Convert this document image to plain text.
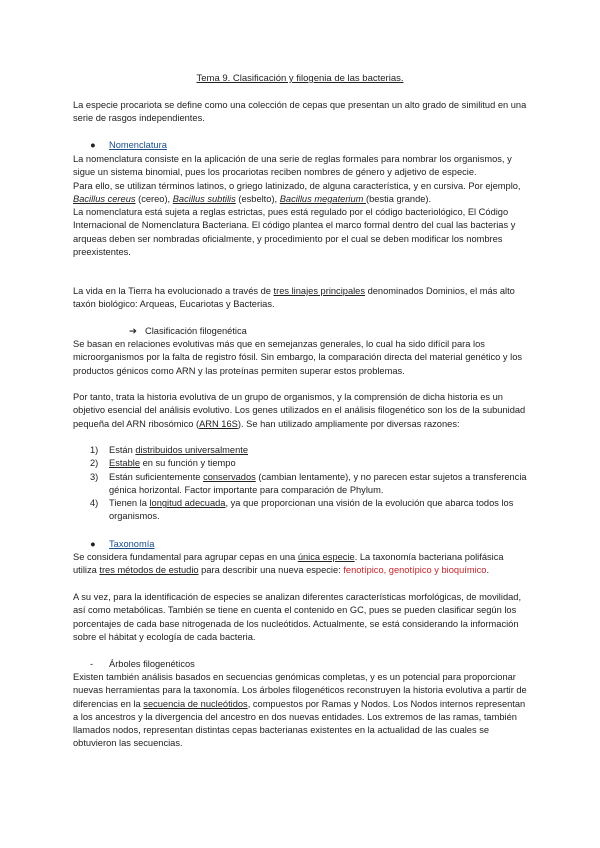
Tema 9. Clasificación y filogenia de las bacterias.

La especie procariota se define como una colección de cepas que presentan un alto grado de similitud en una serie de rasgos independientes.

● Nomenclatura

La nomenclatura consiste en la aplicación de una serie de reglas formales para nombrar los organismos, y sigue un sistema binomial, pues los procariotas reciben nombres de género y adjetivo de especie.

Para ello, se utilizan términos latinos, o griego latinizado, de alguna característica, y en cursiva. Por ejemplo, Bacillus cereus (cereo), Bacillus subtilis (esbelto), Bacillus megaterium (bestia grande).

La nomenclatura está sujeta a reglas estrictas, pues está regulado por el código bacteriológico, El Código Internacional de Nomenclatura Bacteriana. El código plantea el marco formal dentro del cual las bacterias y arqueas deben ser nombradas oficialmente, y procedimiento por el cual se deben modificar los nombres preexistentes.

La vida en la Tierra ha evolucionado a través de tres linajes principales denominados Dominios, el más alto taxón biológico: Arqueas, Eucariotas y Bacterias.

➔ Clasificación filogenética

Se basan en relaciones evolutivas más que en semejanzas generales, lo cual ha sido difícil para los microorganismos por la falta de registro fósil. Sin embargo, la comparación directa del material genético y los productos génicos como ARN y las proteínas permiten superar estos problemas.

Por tanto, trata la historia evolutiva de un grupo de organismos, y la comprensión de dicha historia es un objetivo esencial del análisis evolutivo. Los genes utilizados en el análisis filogenético son los de la subunidad pequeña del ARN ribosómico (ARN 16S). Se han utilizado ampliamente por diversas razones:

1) Están distribuidos universalmente
2) Estable en su función y tiempo
3) Están suficientemente conservados (cambian lentamente), y no parecen estar sujetos a transferencia génica horizontal. Factor importante para comparación de Phylum.
4) Tienen la longitud adecuada, ya que proporcionan una visión de la evolución que abarca todos los organismos.
● Taxonomía

Se considera fundamental para agrupar cepas en una única especie. La taxonomía bacteriana polifásica utiliza tres métodos de estudio para describir una nueva especie: fenotípico, genotípico y bioquímico.

A su vez, para la identificación de especies se analizan diferentes características morfológicas, de movilidad, así como metabólicas. También se tiene en cuenta el contenido en GC, pues se pueden clasificar según los porcentajes de cada base nitrogenada de los nucleótidos. Actualmente, se está considerando la información sobre el hábitat y ecología de cada bacteria.

- Árboles filogenéticos

Existen también análisis basados en secuencias genómicas completas, y es un potencial para proporcionar nuevas herramientas para la taxonomía. Los árboles filogenéticos reconstruyen la historia evolutiva a partir de diferencias en la secuencia de nucleótidos, compuestos por Ramas y Nodos. Los Nodos internos representan a los ancestros y la divergencia del ancestro en dos nuevas entidades. Los extremos de las ramas, también llamados nodos, representan distintas cepas bacterianas existentes en la actualidad de las cuales se obtuvieron las secuencias.
